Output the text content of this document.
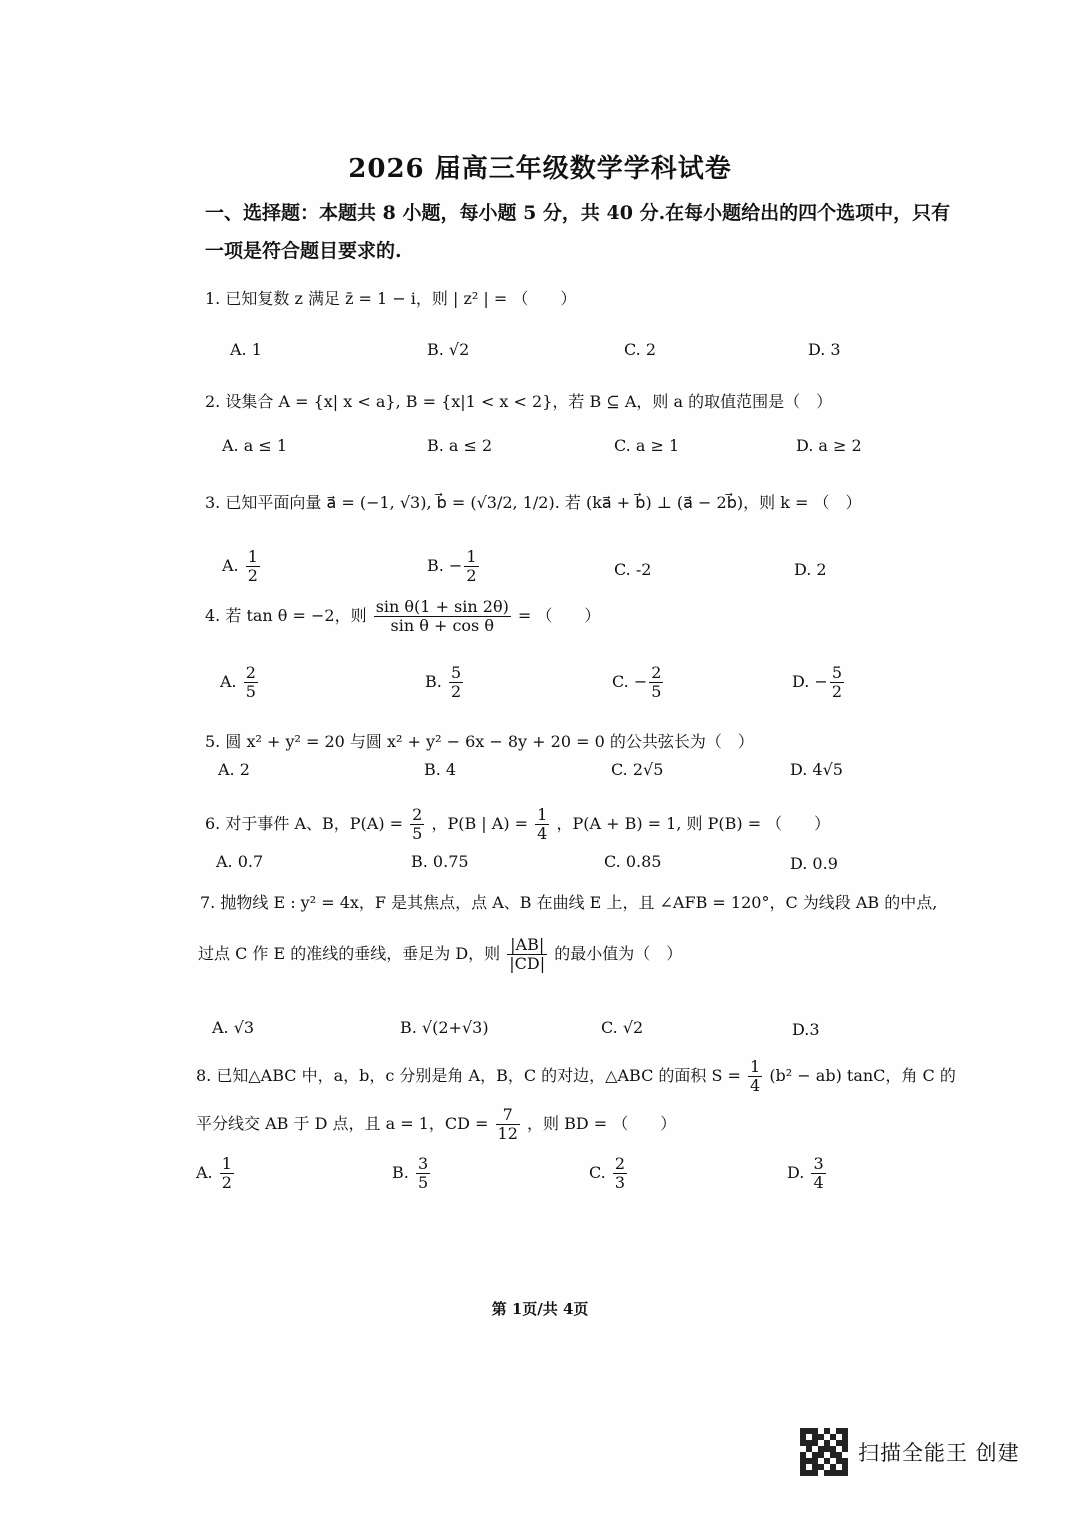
2026 届高三年级数学学科试卷
一、选择题：本题共 8 小题，每小题 5 分，共 40 分.在每小题给出的四个选项中，只有
一项是符合题目要求的.
1. 已知复数 z 满足 z̄ = 1 − i，则 | z² | = （　　）
A. 1	B. √2	C. 2	D. 3
2. 设集合 A = {x| x < a}, B = {x|1 < x < 2}，若 B ⊆ A，则 a 的取值范围是（　）
A. a ≤ 1	B. a ≤ 2	C. a ≥ 1	D. a ≥ 2
3. 已知平面向量 a⃗ = (−1, √3), b⃗ = (√3/2, 1/2). 若 (ka⃗ + b⃗) ⊥ (a⃗ − 2b⃗)，则 k = （　）
A. $\frac{1}{2}$	B. − $\frac{1}{2}$	C. -2	D. 2
4. 若 tan θ = −2，则 $\frac{\text{sin θ(1 + sin 2θ)}}{\text{sin θ + cos θ}}$ = （　　）
A. $\frac{2}{5}$	B. $\frac{5}{2}$	C. − $\frac{2}{5}$	D. − $\frac{5}{2}$
5. 圆 x² + y² = 20 与圆 x² + y² − 6x − 8y + 20 = 0 的公共弦长为（　）
A. 2	B. 4	C. 2√5	D. 4√5
6. 对于事件 A、B，$P(A) = \frac{2}{5}$ ，P(B | $A) = \frac{1}{4}$ ，P(A + B) = 1, 则 P(B) = （　　）
A. 0.7	B. 0.75	C. 0.85	D. 0.9
7. 抛物线 E : y² = 4x，F 是其焦点，点 A、B 在曲线 E 上，且 ∠AFB = 120°，C 为线段 AB 的中点,
过点 C 作 E 的准线的垂线，垂足为 D，则 $\frac{|AB|}{|CD|}$ 的最小值为（　）
A. √3	B. √(2+√3)	C. √2	D.3
8. 已知△ABC 中，a，b，c 分别是角 A，B，C 的对边，△ABC 的面积 $S = \frac{1}{4} (b^2 - ab)$ tanC，角 C 的
平分线交 AB 于 D 点，且 a = 1，CD = $\frac{7}{12}$ ，则 BD = （　　）
A. $\frac{1}{2}$	B. $\frac{3}{5}$	C. $\frac{2}{3}$	D. $\frac{3}{4}$
第 1页/共 4页
扫描全能王 创建
